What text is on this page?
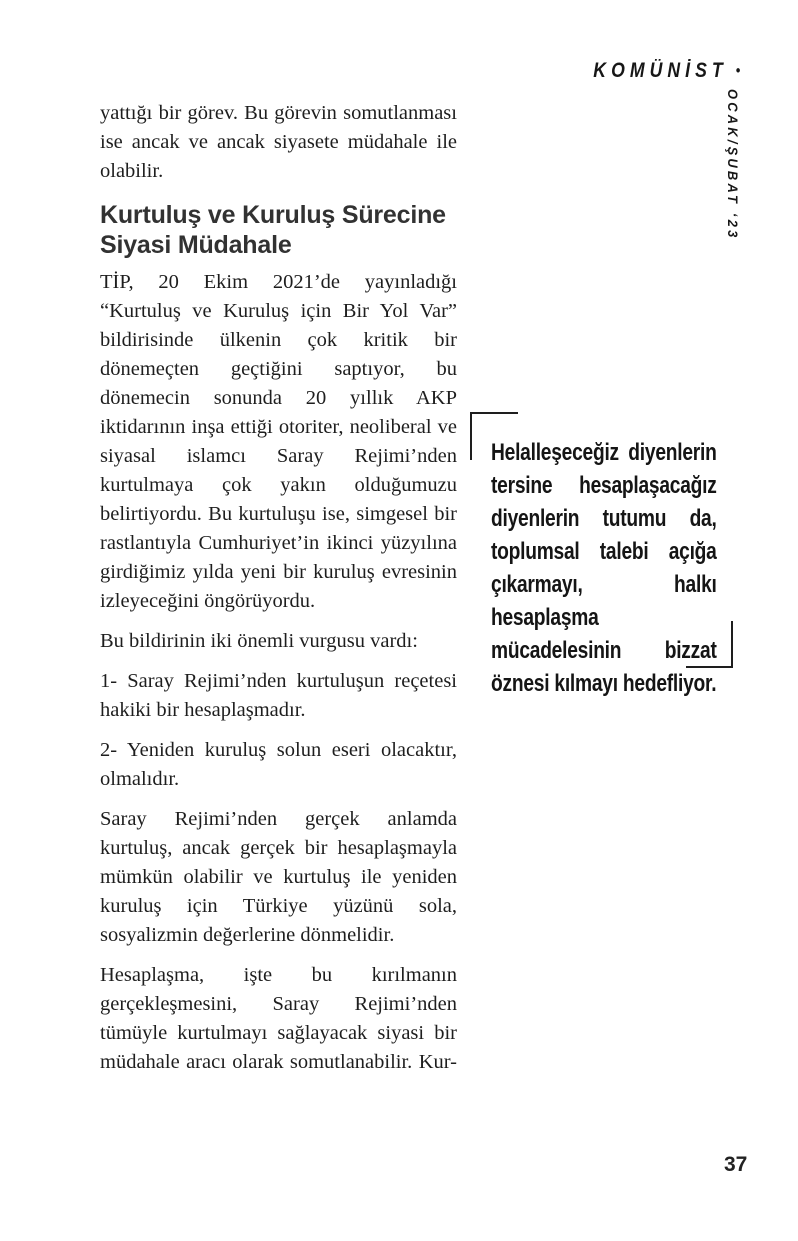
KOMÜNİST •
OCAK/ŞUBAT ‘23

yattığı bir görev. Bu görevin somutlanması ise ancak ve ancak siyasete müdahale ile olabilir.

Kurtuluş ve Kuruluş Sürecine Siyasi Müdahale

TİP, 20 Ekim 2021’de yayınladığı “Kurtuluş ve Kuruluş için Bir Yol Var” bildirisinde ülkenin çok kritik bir dönemeçten geçtiğini saptıyor, bu dönemecin sonunda 20 yıllık AKP iktidarının inşa ettiği otoriter, neoliberal ve siyasal islamcı Saray Rejimi’nden kurtulmaya çok yakın olduğumuzu belirtiyordu. Bu kurtuluşu ise, simgesel bir rastlantıyla Cumhuriyet’in ikinci yüzyılına girdiğimiz yılda yeni bir kuruluş evresinin izleyeceğini öngörüyordu.

Bu bildirinin iki önemli vurgusu vardı:

1- Saray Rejimi’nden kurtuluşun reçetesi hakiki bir hesaplaşmadır.

2- Yeniden kuruluş solun eseri olacaktır, olmalıdır.

Saray Rejimi’nden gerçek anlamda kurtuluş, ancak gerçek bir hesaplaşmayla mümkün olabilir ve kurtuluş ile yeniden kuruluş için Türkiye yüzünü sola, sosyalizmin değerlerine dönmelidir.

Hesaplaşma, işte bu kırılmanın gerçekleşmesini, Saray Rejimi’nden tümüyle kurtulmayı sağlayacak siyasi bir müdahale aracı olarak somutlanabilir. Kur-

Helalleşeceğiz diyenlerin tersine hesaplaşacağız diyenlerin tutumu da, toplumsal talebi açığa çıkarmayı, halkı hesaplaşma mücadelesinin bizzat öznesi kılmayı hedefliyor.
37
